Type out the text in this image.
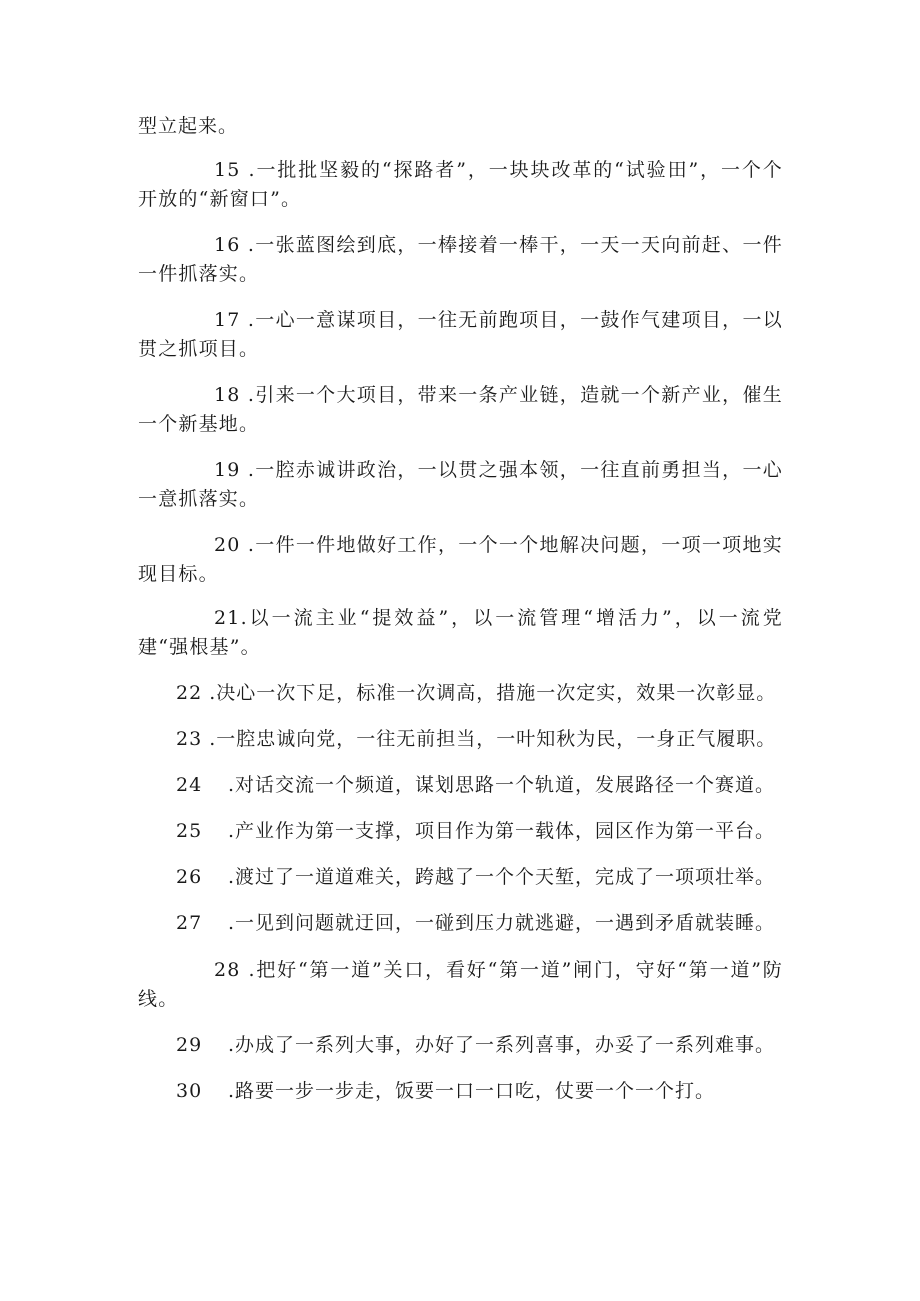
型立起来。
15 .一批批坚毅的“探路者”，一块块改革的“试验田”，一个个开放的“新窗口”。
16 .一张蓝图绘到底，一棒接着一棒干，一天一天向前赶、一件一件抓落实。
17 .一心一意谋项目，一往无前跑项目，一鼓作气建项目，一以贯之抓项目。
18 .引来一个大项目，带来一条产业链，造就一个新产业，催生一个新基地。
19 .一腔赤诚讲政治，一以贯之强本领，一往直前勇担当，一心一意抓落实。
20 .一件一件地做好工作，一个一个地解决问题，一项一项地实现目标。
21.以一流主业“提效益”，以一流管理“增活力”，以一流党建“强根基”。
22 .决心一次下足，标准一次调高，措施一次定实，效果一次彰显。
23 .一腔忠诚向党，一往无前担当，一叶知秋为民，一身正气履职。
24 .对话交流一个频道，谋划思路一个轨道，发展路径一个赛道。
25 .产业作为第一支撑，项目作为第一载体，园区作为第一平台。
26 .渡过了一道道难关，跨越了一个个天堑，完成了一项项壮举。
27 .一见到问题就迂回，一碰到压力就逃避，一遇到矛盾就装睡。
28 .把好“第一道”关口，看好“第一道”闸门，守好“第一道”防线。
29 .办成了一系列大事，办好了一系列喜事，办妥了一系列难事。
30 .路要一步一步走，饭要一口一口吃，仗要一个一个打。
